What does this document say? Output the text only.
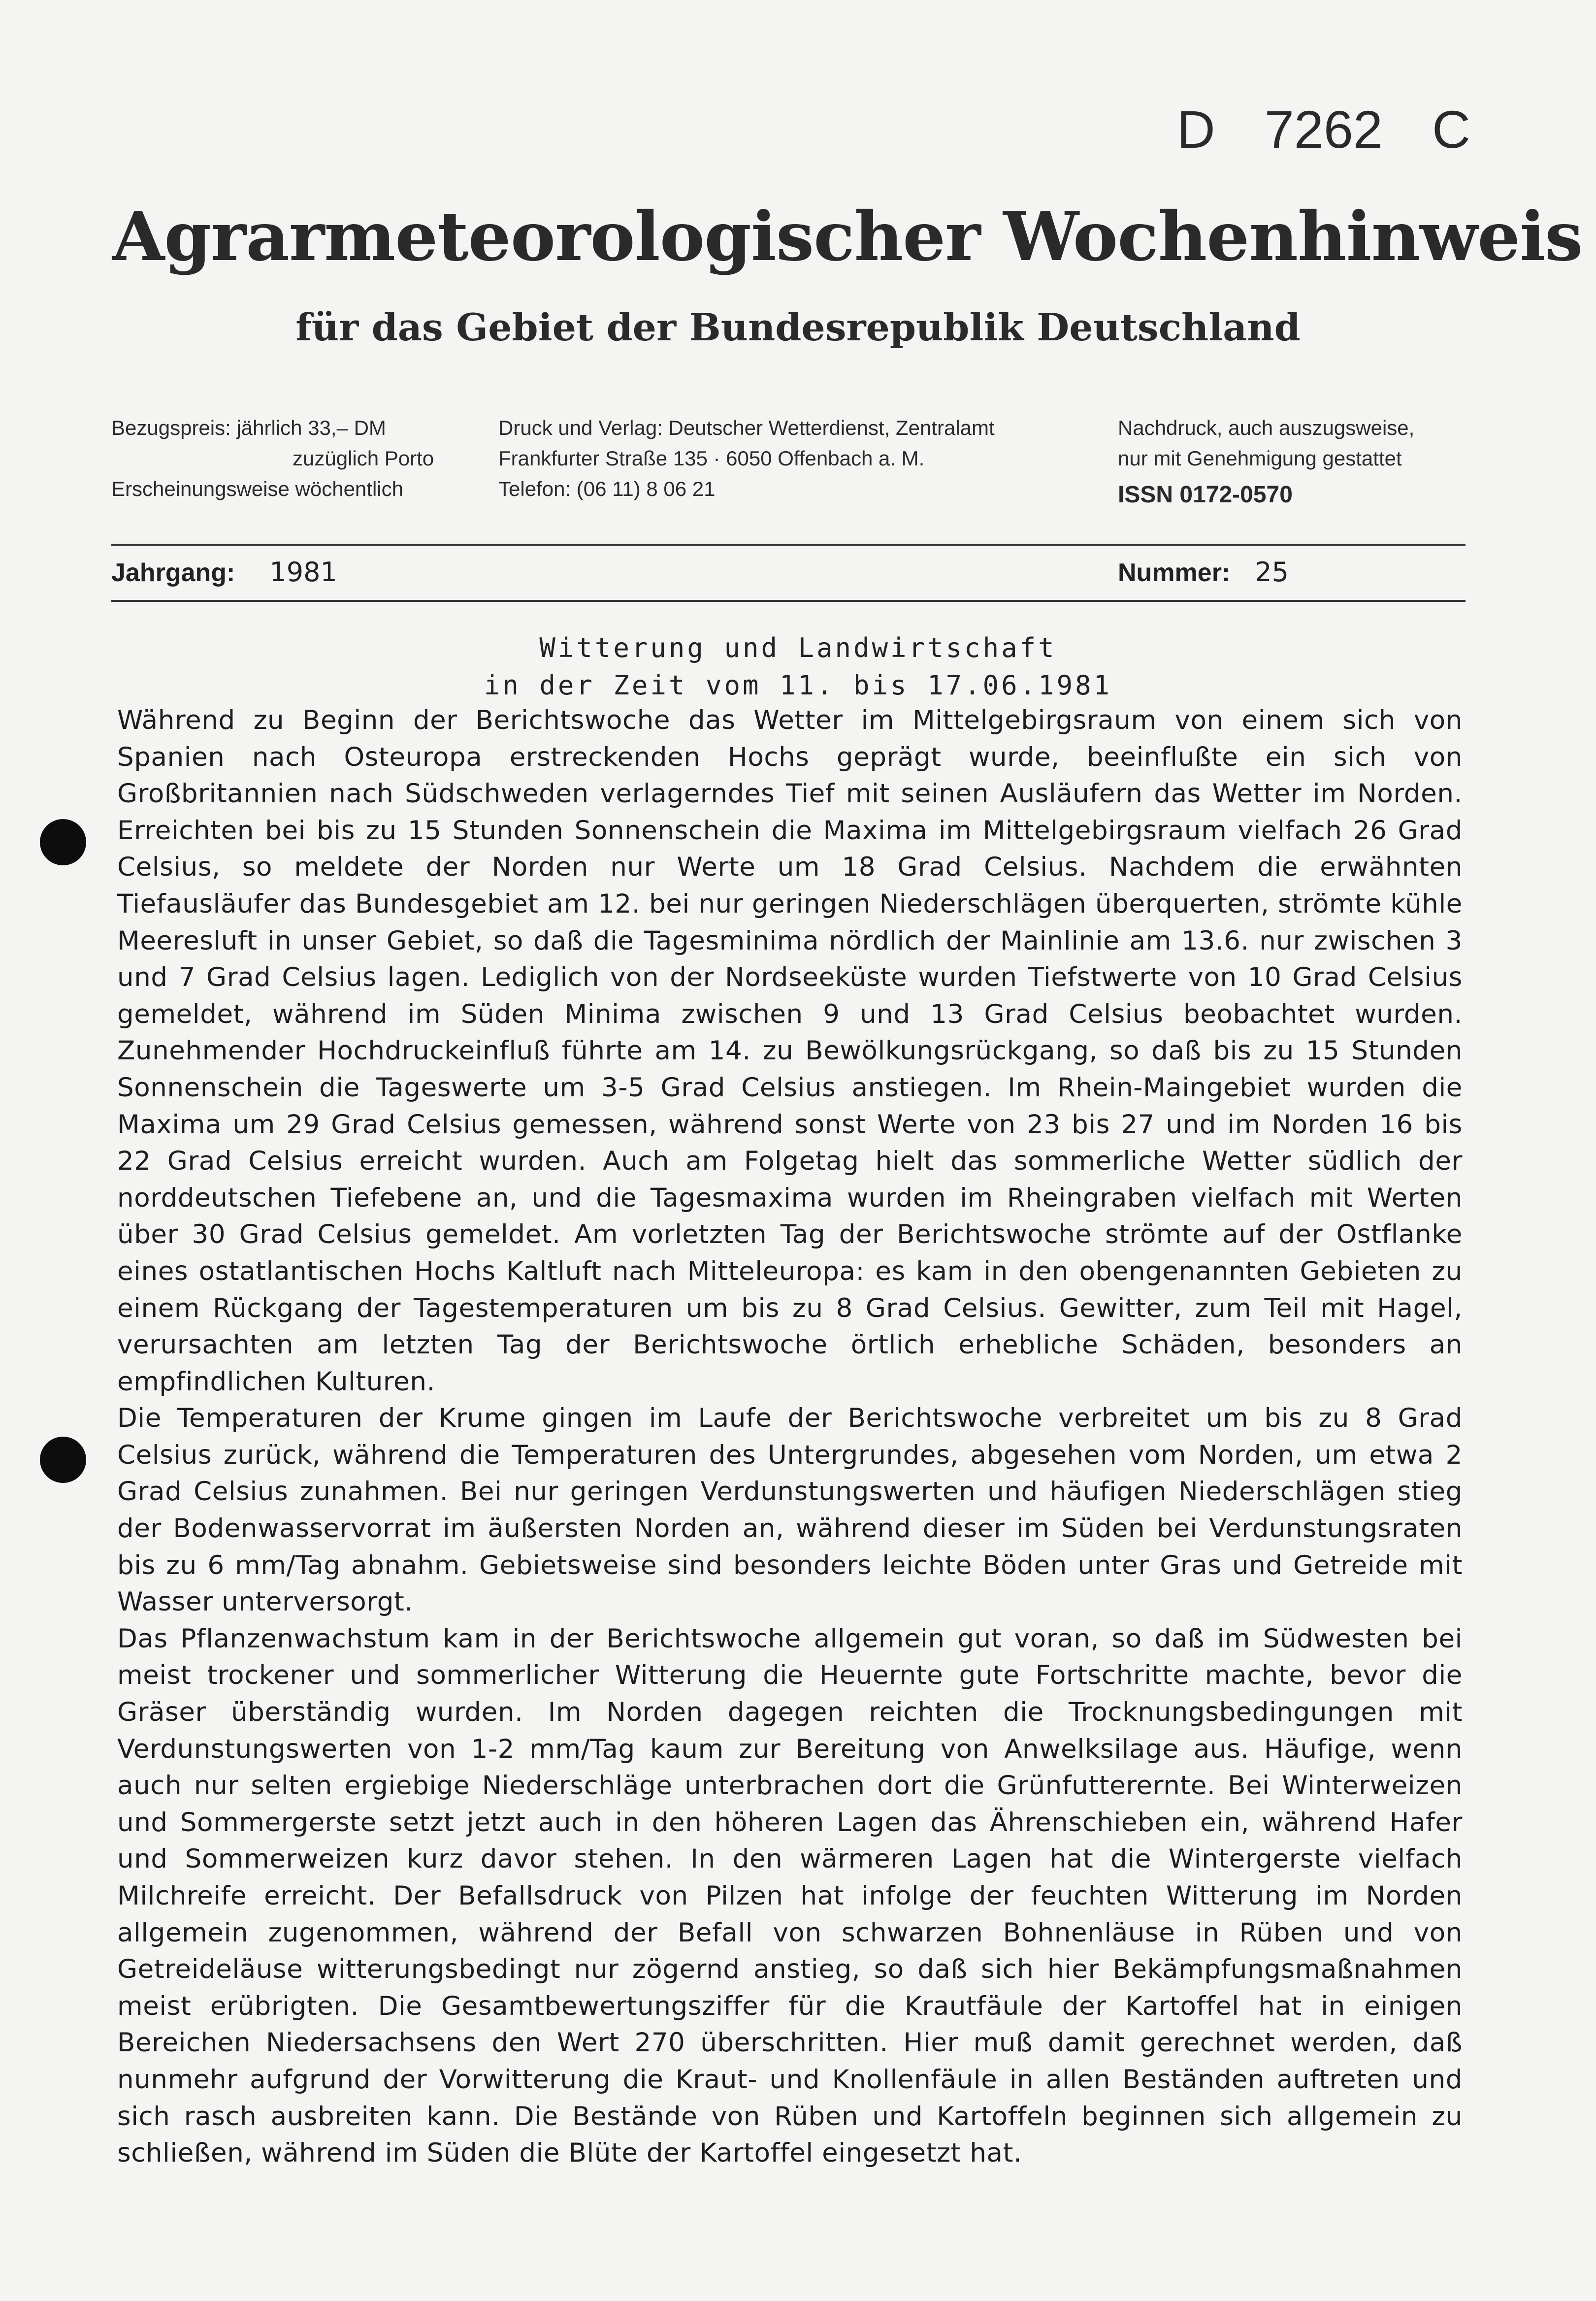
D 7262 C
Agrarmeteorologischer Wochenhinweis
für das Gebiet der Bundesrepublik Deutschland
Bezugspreis: jährlich 33,– DM
zuzüglich Porto
Erscheinungsweise wöchentlich
Druck und Verlag: Deutscher Wetterdienst, Zentralamt
Frankfurter Straße 135 · 6050 Offenbach a. M.
Telefon: (06 11) 8 06 21
Nachdruck, auch auszugsweise,
nur mit Genehmigung gestattet
ISSN 0172-0570
Jahrgang: 1981	Nummer: 25
Witterung und Landwirtschaft
in der Zeit vom 11. bis 17.06.1981

Während zu Beginn der Berichtswoche das Wetter im Mittelgebirgsraum von einem sich von Spanien nach Osteuropa erstreckenden Hochs geprägt wurde, beeinflußte ein sich von Großbritannien nach Südschweden verlagerndes Tief mit seinen Ausläufern das Wetter im Norden. Erreichten bei bis zu 15 Stunden Sonnenschein die Maxima im Mittelgebirgsraum vielfach 26 Grad Celsius, so meldete der Norden nur Werte um 18 Grad Celsius. Nachdem die erwähnten Tiefausläufer das Bundesgebiet am 12. bei nur geringen Niederschlägen überquerten, strömte kühle Meeresluft in unser Gebiet, so daß die Tagesminima nördlich der Mainlinie am 13.6. nur zwischen 3 und 7 Grad Celsius lagen. Lediglich von der Nordseeküste wurden Tiefstwerte von 10 Grad Celsius gemeldet, während im Süden Minima zwischen 9 und 13 Grad Celsius beobachtet wurden. Zunehmender Hochdruckeinfluß führte am 14. zu Bewölkungsrückgang, so daß bis zu 15 Stunden Sonnenschein die Tageswerte um 3-5 Grad Celsius anstiegen. Im Rhein-Maingebiet wurden die Maxima um 29 Grad Celsius gemessen, während sonst Werte von 23 bis 27 und im Norden 16 bis 22 Grad Celsius erreicht wurden. Auch am Folgetag hielt das sommerliche Wetter südlich der norddeutschen Tiefebene an, und die Tagesmaxima wurden im Rheingraben vielfach mit Werten über 30 Grad Celsius gemeldet. Am vorletzten Tag der Berichtswoche strömte auf der Ostflanke eines ostatlantischen Hochs Kaltluft nach Mitteleuropa: es kam in den obengenannten Gebieten zu einem Rückgang der Tagestemperaturen um bis zu 8 Grad Celsius. Gewitter, zum Teil mit Hagel, verursachten am letzten Tag der Berichtswoche örtlich erhebliche Schäden, besonders an empfindlichen Kulturen.

Die Temperaturen der Krume gingen im Laufe der Berichtswoche verbreitet um bis zu 8 Grad Celsius zurück, während die Temperaturen des Untergrundes, abgesehen vom Norden, um etwa 2 Grad Celsius zunahmen. Bei nur geringen Verdunstungswerten und häufigen Niederschlägen stieg der Bodenwasservorrat im äußersten Norden an, während dieser im Süden bei Verdunstungsraten bis zu 6 mm/Tag abnahm. Gebietsweise sind besonders leichte Böden unter Gras und Getreide mit Wasser unterversorgt.

Das Pflanzenwachstum kam in der Berichtswoche allgemein gut voran, so daß im Südwesten bei meist trockener und sommerlicher Witterung die Heuernte gute Fortschritte machte, bevor die Gräser überständig wurden. Im Norden dagegen reichten die Trocknungsbedingungen mit Verdunstungswerten von 1-2 mm/Tag kaum zur Bereitung von Anwelksilage aus. Häufige, wenn auch nur selten ergiebige Niederschläge unterbrachen dort die Grünfutterernte. Bei Winterweizen und Sommergerste setzt jetzt auch in den höheren Lagen das Ährenschieben ein, während Hafer und Sommerweizen kurz davor stehen. In den wärmeren Lagen hat die Wintergerste vielfach Milchreife erreicht. Der Befallsdruck von Pilzen hat infolge der feuchten Witterung im Norden allgemein zugenommen, während der Befall von schwarzen Bohnenläuse in Rüben und von Getreideläuse witterungsbedingt nur zögernd anstieg, so daß sich hier Bekämpfungsmaßnahmen meist erübrigten. Die Gesamtbewertungsziffer für die Krautfäule der Kartoffel hat in einigen Bereichen Niedersachsens den Wert 270 überschritten. Hier muß damit gerechnet werden, daß nunmehr aufgrund der Vorwitterung die Kraut- und Knollenfäule in allen Beständen auftreten und sich rasch ausbreiten kann. Die Bestände von Rüben und Kartoffeln beginnen sich allgemein zu schließen, während im Süden die Blüte der Kartoffel eingesetzt hat.
